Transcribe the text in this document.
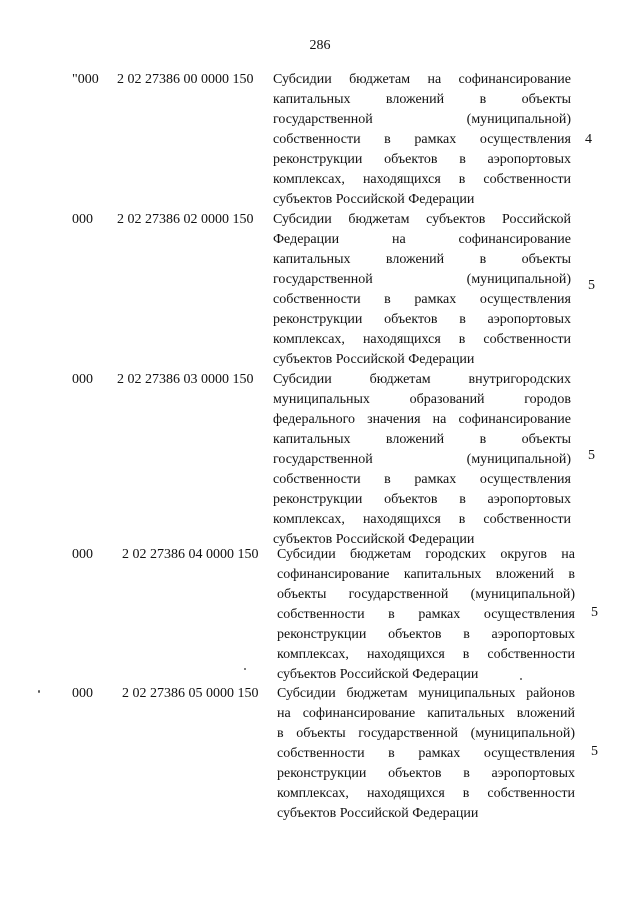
286
"000 2 02 27386 00 0000 150 Субсидии бюджетам на софинансирование
капитальных вложений в объекты
государственной (муниципальной)
собственности в рамках осуществления
реконструкции объектов в аэропортовых
комплексах, находящихся в собственности
субъектов Российской Федерации
4
000 2 02 27386 02 0000 150 Субсидии бюджетам субъектов Российской
Федерации на софинансирование
капитальных вложений в объекты
государственной (муниципальной)
собственности в рамках осуществления
реконструкции объектов в аэропортовых
комплексах, находящихся в собственности
субъектов Российской Федерации
5
000 2 02 27386 03 0000 150 Субсидии бюджетам внутригородских
муниципальных образований городов
федерального значения на софинансирование
капитальных вложений в объекты
государственной (муниципальной)
собственности в рамках осуществления
реконструкции объектов в аэропортовых
комплексах, находящихся в собственности
субъектов Российской Федерации
5
000 2 02 27386 04 0000 150 Субсидии бюджетам городских округов на
софинансирование капитальных вложений в
объекты государственной (муниципальной)
собственности в рамках осуществления
реконструкции объектов в аэропортовых
комплексах, находящихся в собственности
субъектов Российской Федерации
5
000 2 02 27386 05 0000 150 Субсидии бюджетам муниципальных районов
на софинансирование капитальных вложений
в объекты государственной (муниципальной)
собственности в рамках осуществления
реконструкции объектов в аэропортовых
комплексах, находящихся в собственности
субъектов Российской Федерации
5
